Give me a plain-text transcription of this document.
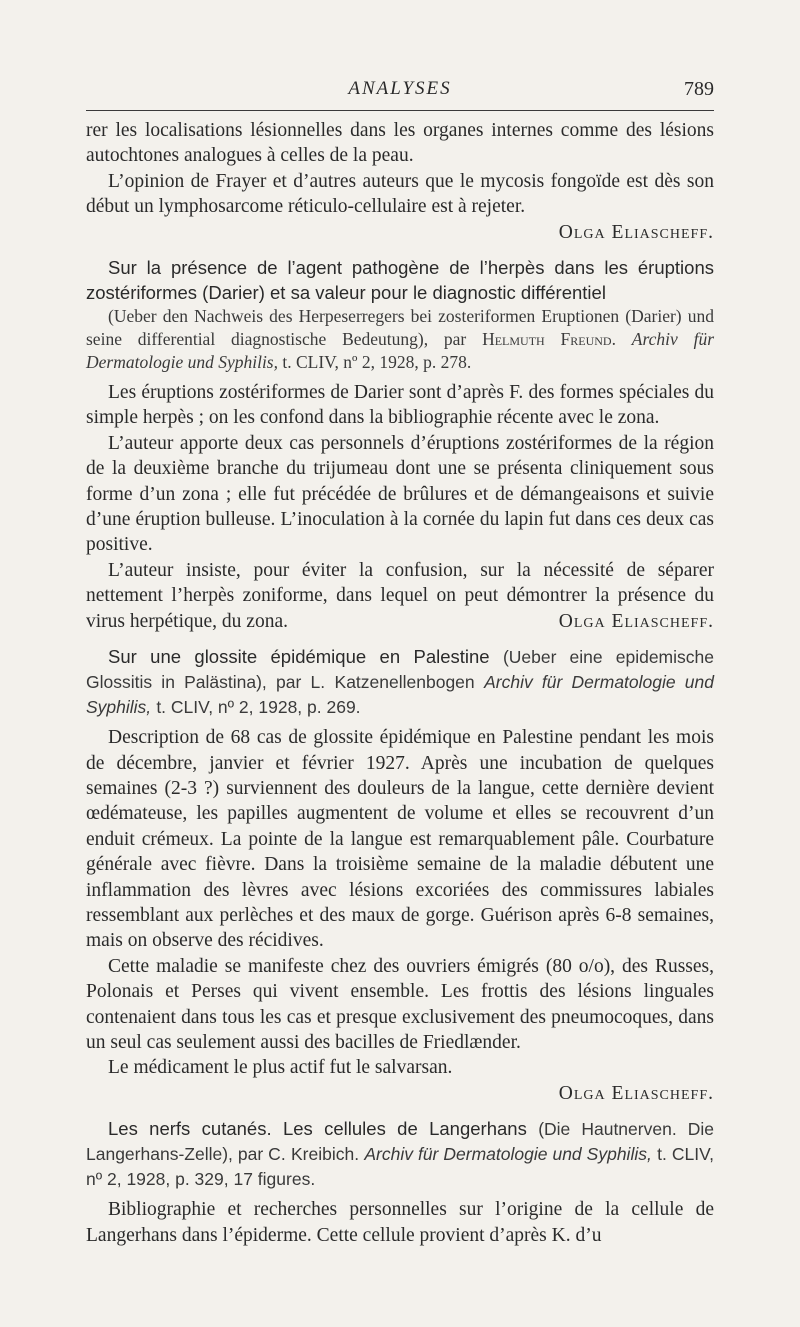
ANALYSES	789

rer les localisations lésionnelles dans les organes internes comme des lésions autochtones analogues à celles de la peau.

L’opinion de Frayer et d’autres auteurs que le mycosis fongoïde est dès son début un lymphosarcome réticulo-cellulaire est à rejeter.

Olga Eliascheff.

Sur la présence de l’agent pathogène de l’herpès dans les éruptions zostériformes (Darier) et sa valeur pour le diagnostic différentiel

(Ueber den Nachweis des Herpeserregers bei zosteriformen Eruptionen (Darier) und seine differential diagnostische Bedeutung), par Helmuth Freund. Archiv für Dermatologie und Syphilis, t. CLIV, nº 2, 1928, p. 278.

Les éruptions zostériformes de Darier sont d’après F. des formes spéciales du simple herpès ; on les confond dans la bibliographie récente avec le zona.

L’auteur apporte deux cas personnels d’éruptions zostériformes de la région de la deuxième branche du trijumeau dont une se présenta cliniquement sous forme d’un zona ; elle fut précédée de brûlures et de démangeaisons et suivie d’une éruption bulleuse. L’inoculation à la cornée du lapin fut dans ces deux cas positive.

L’auteur insiste, pour éviter la confusion, sur la nécessité de séparer nettement l’herpès zoniforme, dans lequel on peut démontrer la présence du virus herpétique, du zona.	Olga Eliascheff.

Sur une glossite épidémique en Palestine (Ueber eine epidemische Glossitis in Palästina), par L. Katzenellenbogen Archiv für Dermatologie und Syphilis, t. CLIV, nº 2, 1928, p. 269.

Description de 68 cas de glossite épidémique en Palestine pendant les mois de décembre, janvier et février 1927. Après une incubation de quelques semaines (2-3 ?) surviennent des douleurs de la langue, cette dernière devient œdémateuse, les papilles augmentent de volume et elles se recouvrent d’un enduit crémeux. La pointe de la langue est remarquablement pâle. Courbature générale avec fièvre. Dans la troisième semaine de la maladie débutent une inflammation des lèvres avec lésions excoriées des commissures labiales ressemblant aux perlèches et des maux de gorge. Guérison après 6-8 semaines, mais on observe des récidives.

Cette maladie se manifeste chez des ouvriers émigrés (80 o/o), des Russes, Polonais et Perses qui vivent ensemble. Les frottis des lésions linguales contenaient dans tous les cas et presque exclusivement des pneumocoques, dans un seul cas seulement aussi des bacilles de Friedlænder.

Le médicament le plus actif fut le salvarsan.

Olga Eliascheff.

Les nerfs cutanés. Les cellules de Langerhans (Die Hautnerven. Die Langerhans-Zelle), par C. Kreibich. Archiv für Dermatologie und Syphilis, t. CLIV, nº 2, 1928, p. 329, 17 figures.

Bibliographie et recherches personnelles sur l’origine de la cellule de Langerhans dans l’épiderme. Cette cellule provient d’après K. d’u
